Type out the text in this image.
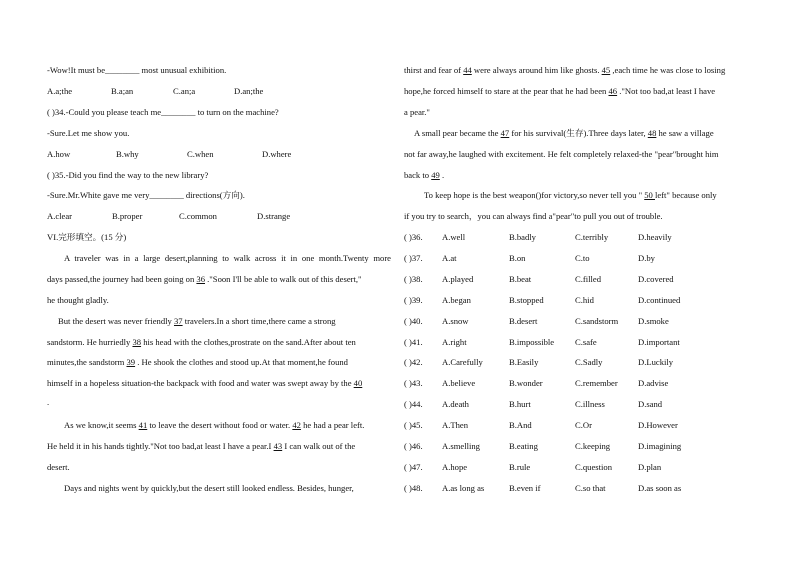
-Wow!It must be________ most unusual exhibition.
A.a;the	B.a;an	C.an;a	D.an;the
( )34.-Could you please teach me________ to turn on the machine?
-Sure.Let me show you.
A.how	B.why	C.when	D.where
( )35.-Did you find the way to the new library?
-Sure.Mr.White gave me very________ directions(方向).
A.clear	B.proper	C.common	D.strange
VI.完形填空。(15 分)
A traveler was in a large desert,planning to walk across it in one month.Twenty more
days passed,the journey had been going on 36 ."Soon I'll be able to walk out of this desert,"
he thought gladly.
But the desert was never friendly 37 travelers.In a short time,there came a strong
sandstorm. He hurriedly 38 his head with the clothes,prostrate on the sand.After about ten
minutes,the sandstorm 39 . He shook the clothes and stood up.At that moment,he found
himself in a hopeless situation-the backpack with food and water was swept away by the 40
.
As we know,it seems 41 to leave the desert without food or water. 42 he had a pear left.
He held it in his hands tightly."Not too bad,at least I have a pear.I 43 I can walk out of the
desert.
Days and nights went by quickly,but the desert still looked endless. Besides, hunger,
thirst and fear of 44 were always around him like ghosts. 45 ,each time he was close to losing
hope,he forced himself to stare at the pear that he had been 46 ."Not too bad,at least I have
a pear."
A small pear became the 47 for his survival(生存).Three days later, 48 he saw a village
not far away,he laughed with excitement. He felt completely relaxed-the "pear"brought him
back to 49 .
To keep hope is the best weapon()for victory,so never tell you " 50 left" because only
if you try to search，you can always find a"pear"to pull you out of trouble.
( )36. A.well	B.badly	C.terribly	D.heavily
( )37. A.at	B.on	C.to	D.by
( )38. A.played	B.beat	C.filled	D.covered
( )39. A.began	B.stopped	C.hid	D.continued
( )40. A.snow	B.desert	C.sandstorm D.smoke
( )41. A.right	B.impossible C.safe	D.important
( )42. A.Carefully	B.Easily	C.Sadly	D.Luckily
( )43. A.believe	B.wonder	C.remember D.advise
( )44. A.death	B.hurt	C.illness	D.sand
( )45. A.Then	B.And	C.Or	D.However
( )46. A.smelling	B.eating	C.keeping	D.imagining
( )47. A.hope	B.rule	C.question	D.plan
( )48. A.as long as	B.even if	C.so that	D.as soon as
